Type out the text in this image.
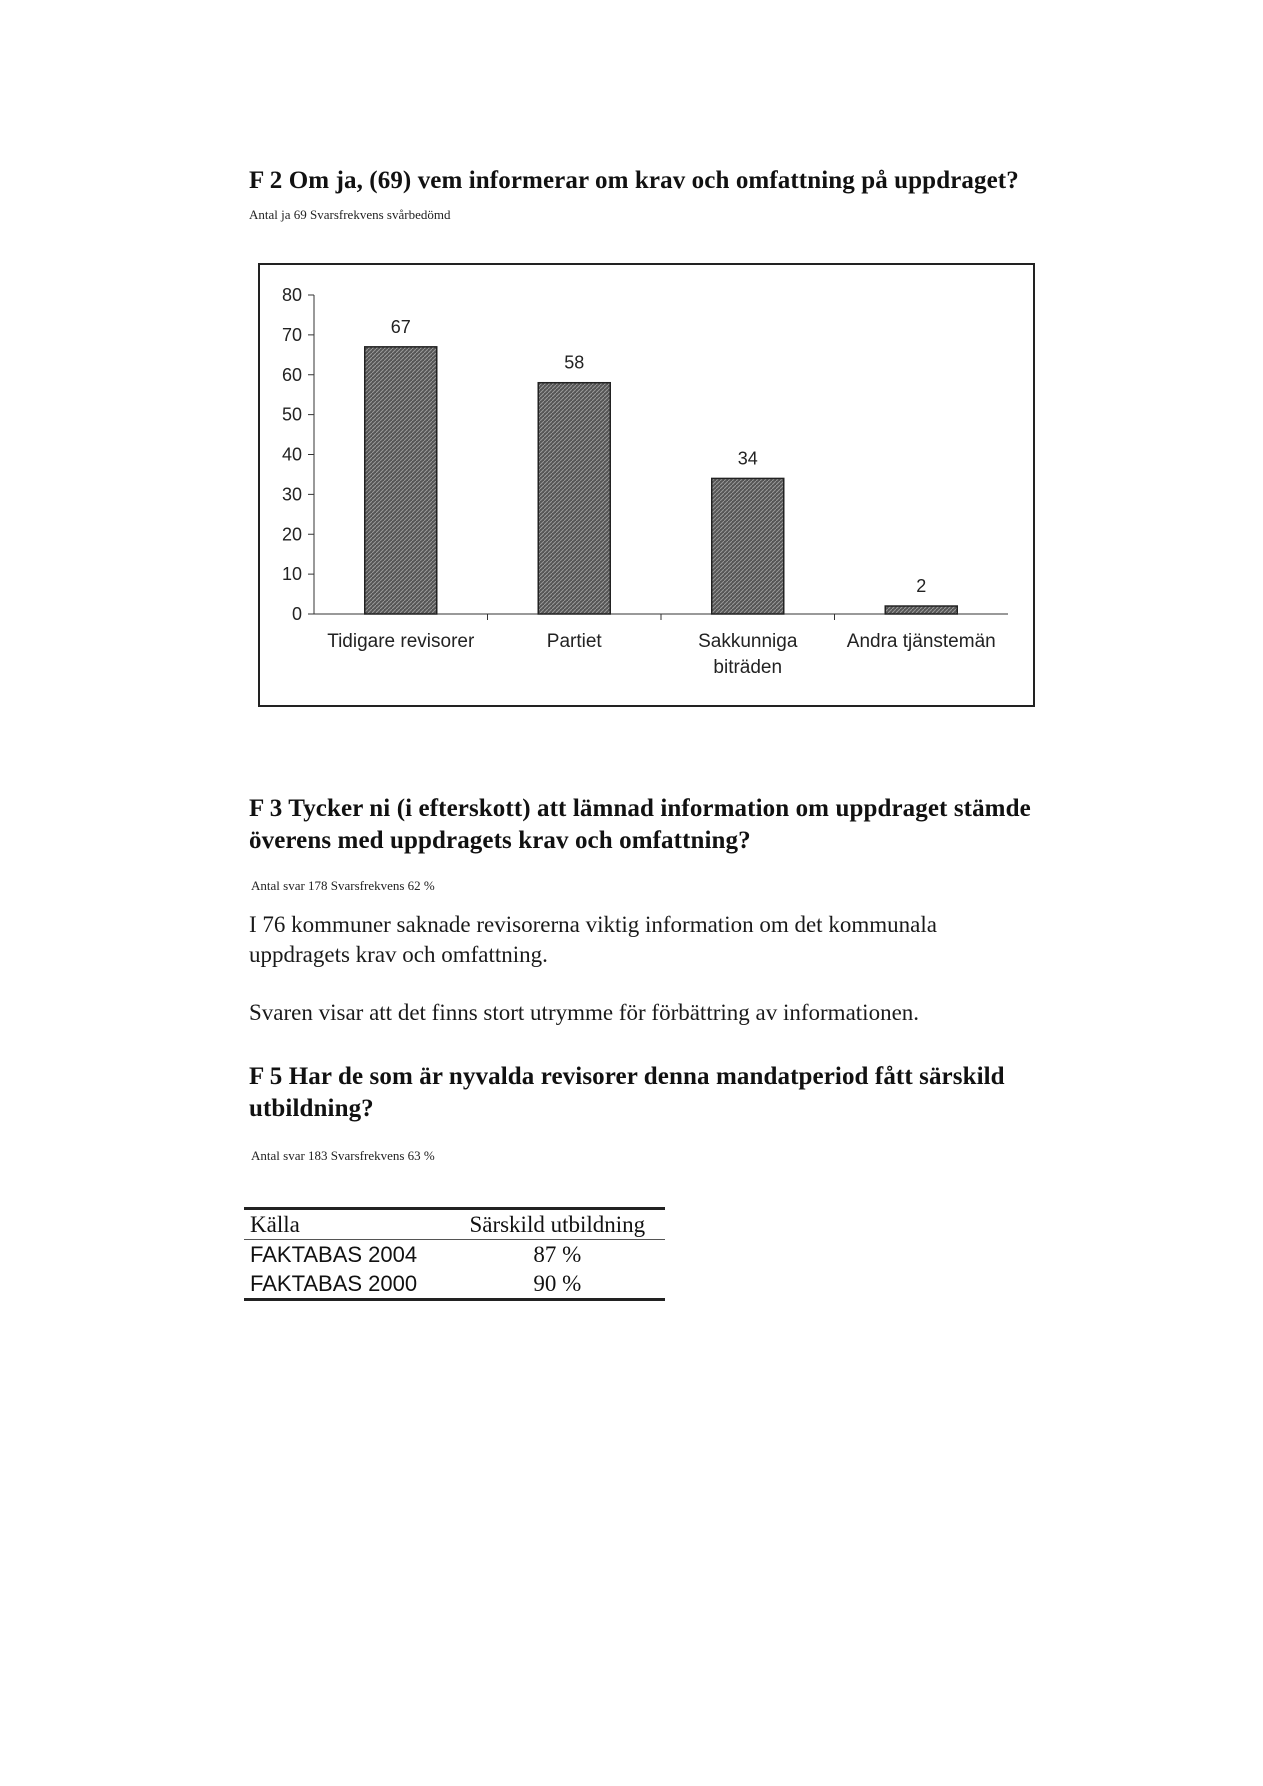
F 2 Om ja, (69) vem informerar om krav och omfattning på uppdraget?
Antal ja 69 Svarsfrekvens svårbedömd
0
10
20
30
40
50
60
70
80
67
Tidigare revisorer
58
Partiet
34
Sakkunniga biträden
2
Andra tjänstemän
F 3 Tycker ni (i efterskott) att lämnad information om uppdraget stämde
överens med uppdragets krav och omfattning?
Antal svar 178 Svarsfrekvens 62 %
I 76 kommuner saknade revisorerna viktig information om det kommunala
uppdragets krav och omfattning.
Svaren visar att det finns stort utrymme för förbättring av informationen.
F 5 Har de som är nyvalda revisorer denna mandatperiod fått särskild
utbildning?
Antal svar 183 Svarsfrekvens 63 %
Källa	Särskild utbildning
FAKTABAS 2004	87 %
FAKTABAS 2000	90 %
